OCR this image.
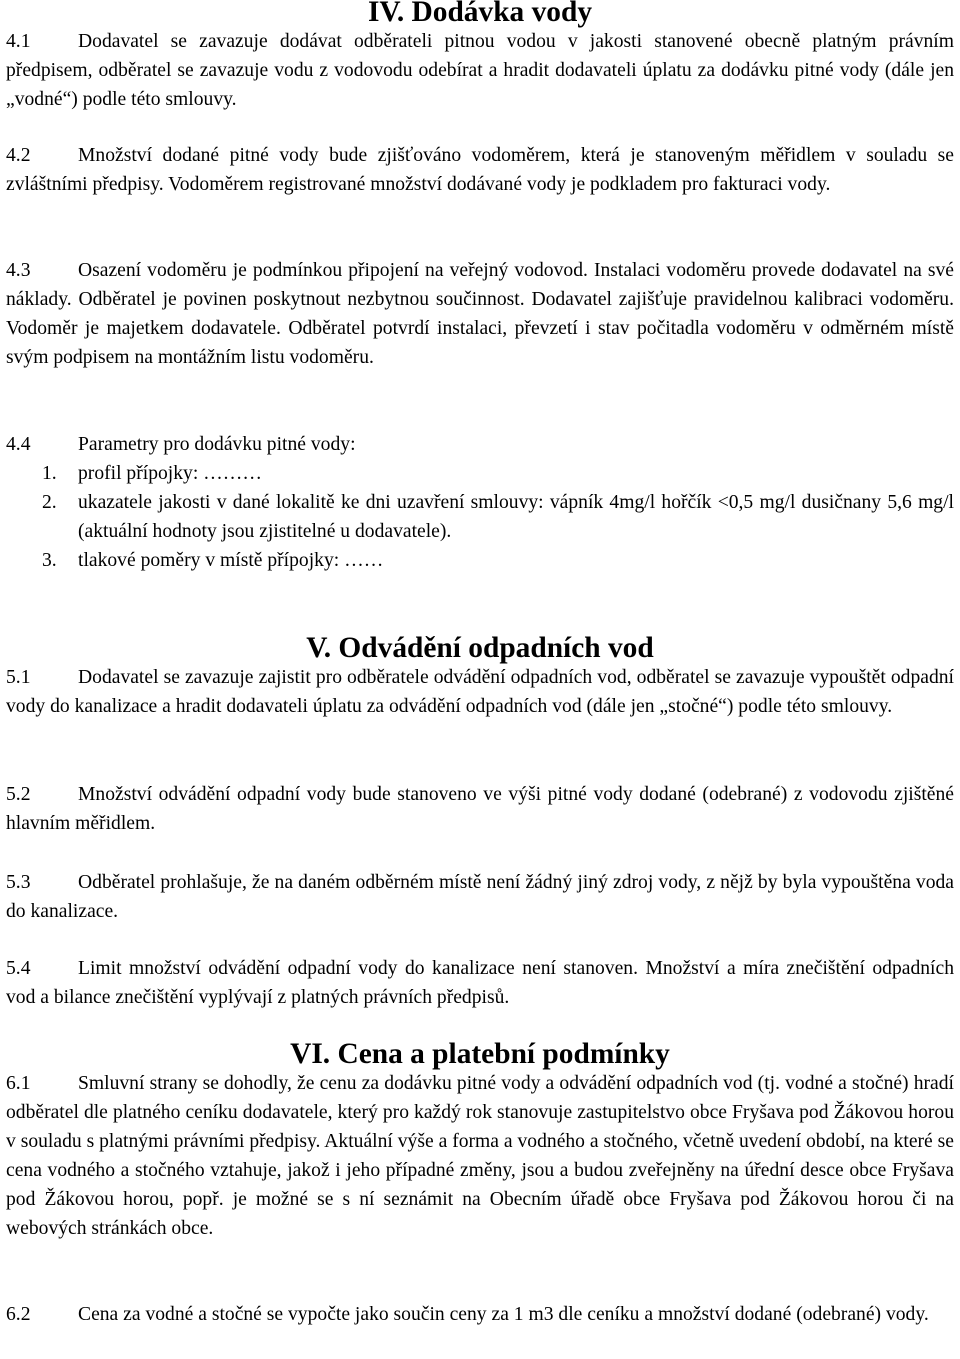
IV. Dodávka vody

4.1 Dodavatel se zavazuje dodávat odběrateli pitnou vodou v jakosti stanovené obecně platným právním předpisem, odběratel se zavazuje vodu z vodovodu odebírat a hradit dodavateli úplatu za dodávku pitné vody (dále jen „vodné“) podle této smlouvy.

4.2 Množství dodané pitné vody bude zjišťováno vodoměrem, která je stanoveným měřidlem v souladu se zvláštními předpisy. Vodoměrem registrované množství dodávané vody je podkladem pro fakturaci vody.

4.3 Osazení vodoměru je podmínkou připojení na veřejný vodovod. Instalaci vodoměru provede dodavatel na své náklady. Odběratel je povinen poskytnout nezbytnou součinnost. Dodavatel zajišťuje pravidelnou kalibraci vodoměru. Vodoměr je majetkem dodavatele. Odběratel potvrdí instalaci, převzetí i stav počitadla vodoměru v odměrném místě svým podpisem na montážním listu vodoměru.

4.4 Parametry pro dodávku pitné vody:

1. profil přípojky: ………
2. ukazatele jakosti v dané lokalitě ke dni uzavření smlouvy: vápník 4mg/l hořčík <0,5 mg/l dusičnany 5,6 mg/l (aktuální hodnoty jsou zjistitelné u dodavatele).
3. tlakové poměry v místě přípojky: ……
V. Odvádění odpadních vod

5.1 Dodavatel se zavazuje zajistit pro odběratele odvádění odpadních vod, odběratel se zavazuje vypouštět odpadní vody do kanalizace a hradit dodavateli úplatu za odvádění odpadních vod (dále jen „stočné“) podle této smlouvy.

5.2 Množství odvádění odpadní vody bude stanoveno ve výši pitné vody dodané (odebrané) z vodovodu zjištěné hlavním měřidlem.

5.3 Odběratel prohlašuje, že na daném odběrném místě není žádný jiný zdroj vody, z nějž by byla vypouštěna voda do kanalizace.

5.4 Limit množství odvádění odpadní vody do kanalizace není stanoven. Množství a míra znečištění odpadních vod a bilance znečištění vyplývají z platných právních předpisů.

VI. Cena a platební podmínky

6.1 Smluvní strany se dohodly, že cenu za dodávku pitné vody a odvádění odpadních vod (tj. vodné a stočné) hradí odběratel dle platného ceníku dodavatele, který pro každý rok stanovuje zastupitelstvo obce Fryšava pod Žákovou horou v souladu s platnými právními předpisy. Aktuální výše a forma a vodného a stočného, včetně uvedení období, na které se cena vodného a stočného vztahuje, jakož i jeho případné změny, jsou a budou zveřejněny na úřední desce obce Fryšava pod Žákovou horou, popř. je možné se s ní seznámit na Obecním úřadě obce Fryšava pod Žákovou horou či na webových stránkách obce.

6.2 Cena za vodné a stočné se vypočte jako součin ceny za 1 m3 dle ceníku a množství dodané (odebrané) vody.
